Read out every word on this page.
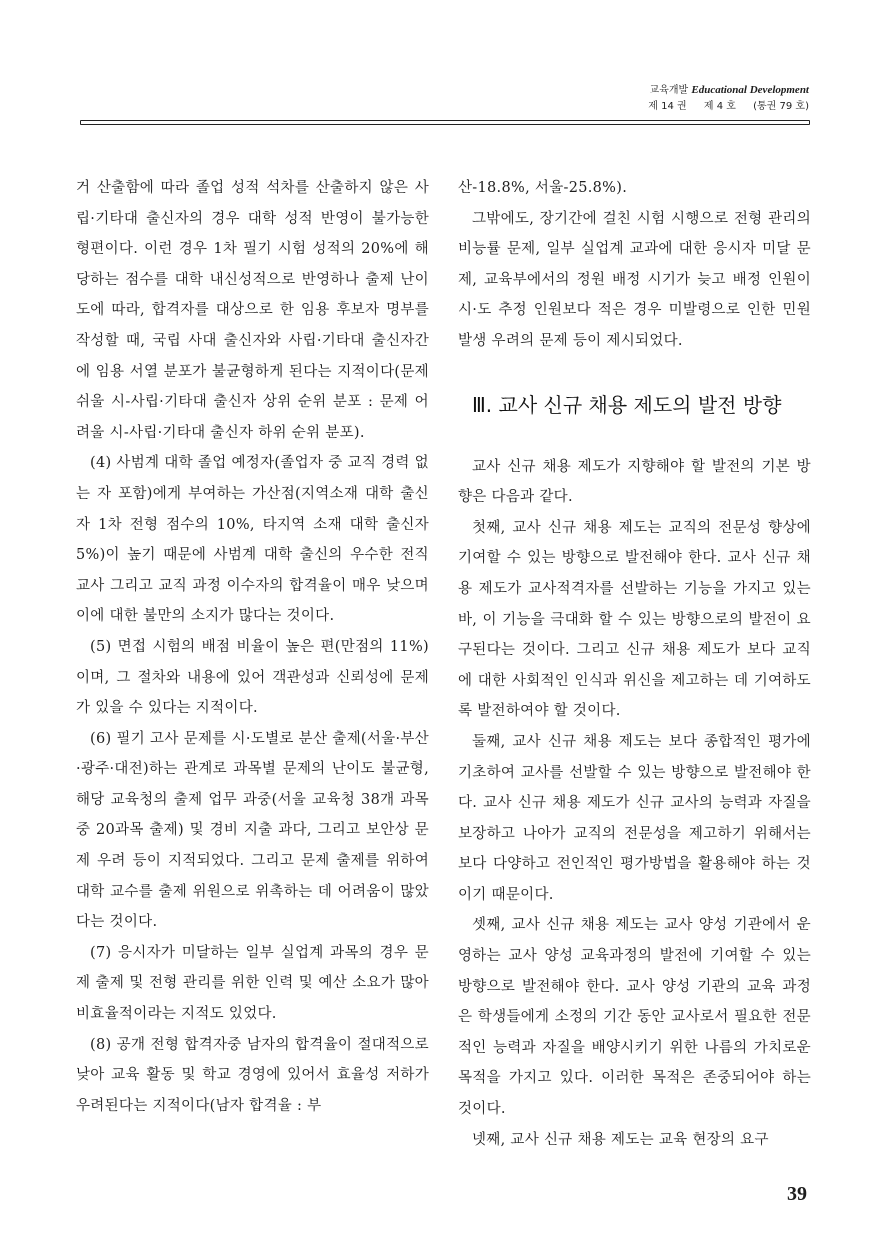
교육개발 Educational Development
제 14 권 제 4 호 (통권 79 호)

거 산출함에 따라 졸업 성적 석차를 산출하지 않은 사립·기타대 출신자의 경우 대학 성적 반영이 불가능한 형편이다. 이런 경우 1차 필기 시험 성적의 20%에 해당하는 점수를 대학 내신성적으로 반영하나 출제 난이도에 따라, 합격자를 대상으로 한 임용 후보자 명부를 작성할 때, 국립 사대 출신자와 사립·기타대 출신자간에 임용 서열 분포가 불균형하게 된다는 지적이다(문제 쉬울 시-사립·기타대 출신자 상위 순위 분포 : 문제 어려울 시-사립·기타대 출신자 하위 순위 분포).

(4) 사범계 대학 졸업 예정자(졸업자 중 교직 경력 없는 자 포함)에게 부여하는 가산점(지역소재 대학 출신자 1차 전형 점수의 10%, 타지역 소재 대학 출신자 5%)이 높기 때문에 사범계 대학 출신의 우수한 전직 교사 그리고 교직 과정 이수자의 합격율이 매우 낮으며 이에 대한 불만의 소지가 많다는 것이다.

(5) 면접 시험의 배점 비율이 높은 편(만점의 11%)이며, 그 절차와 내용에 있어 객관성과 신뢰성에 문제가 있을 수 있다는 지적이다.

(6) 필기 고사 문제를 시·도별로 분산 출제(서울·부산·광주·대전)하는 관계로 과목별 문제의 난이도 불균형, 해당 교육청의 출제 업무 과중(서울 교육청 38개 과목 중 20과목 출제) 및 경비 지출 과다, 그리고 보안상 문제 우려 등이 지적되었다. 그리고 문제 출제를 위하여 대학 교수를 출제 위원으로 위촉하는 데 어려움이 많았다는 것이다.

(7) 응시자가 미달하는 일부 실업계 과목의 경우 문제 출제 및 전형 관리를 위한 인력 및 예산 소요가 많아 비효율적이라는 지적도 있었다.

(8) 공개 전형 합격자중 남자의 합격율이 절대적으로 낮아 교육 활동 및 학교 경영에 있어서 효율성 저하가 우려된다는 지적이다(남자 합격율 : 부

산-18.8%, 서울-25.8%).

그밖에도, 장기간에 걸친 시험 시행으로 전형 관리의 비능률 문제, 일부 실업계 교과에 대한 응시자 미달 문제, 교육부에서의 정원 배정 시기가 늦고 배정 인원이 시·도 추정 인원보다 적은 경우 미발령으로 인한 민원 발생 우려의 문제 등이 제시되었다.

Ⅲ. 교사 신규 채용 제도의 발전 방향

교사 신규 채용 제도가 지향해야 할 발전의 기본 방향은 다음과 같다.

첫째, 교사 신규 채용 제도는 교직의 전문성 향상에 기여할 수 있는 방향으로 발전해야 한다. 교사 신규 채용 제도가 교사적격자를 선발하는 기능을 가지고 있는 바, 이 기능을 극대화 할 수 있는 방향으로의 발전이 요구된다는 것이다. 그리고 신규 채용 제도가 보다 교직에 대한 사회적인 인식과 위신을 제고하는 데 기여하도록 발전하여야 할 것이다.

둘째, 교사 신규 채용 제도는 보다 종합적인 평가에 기초하여 교사를 선발할 수 있는 방향으로 발전해야 한다. 교사 신규 채용 제도가 신규 교사의 능력과 자질을 보장하고 나아가 교직의 전문성을 제고하기 위해서는 보다 다양하고 전인적인 평가방법을 활용해야 하는 것이기 때문이다.

셋째, 교사 신규 채용 제도는 교사 양성 기관에서 운영하는 교사 양성 교육과정의 발전에 기여할 수 있는 방향으로 발전해야 한다. 교사 양성 기관의 교육 과정은 학생들에게 소정의 기간 동안 교사로서 필요한 전문적인 능력과 자질을 배양시키기 위한 나름의 가치로운 목적을 가지고 있다. 이러한 목적은 존중되어야 하는 것이다.

넷째, 교사 신규 채용 제도는 교육 현장의 요구

39
